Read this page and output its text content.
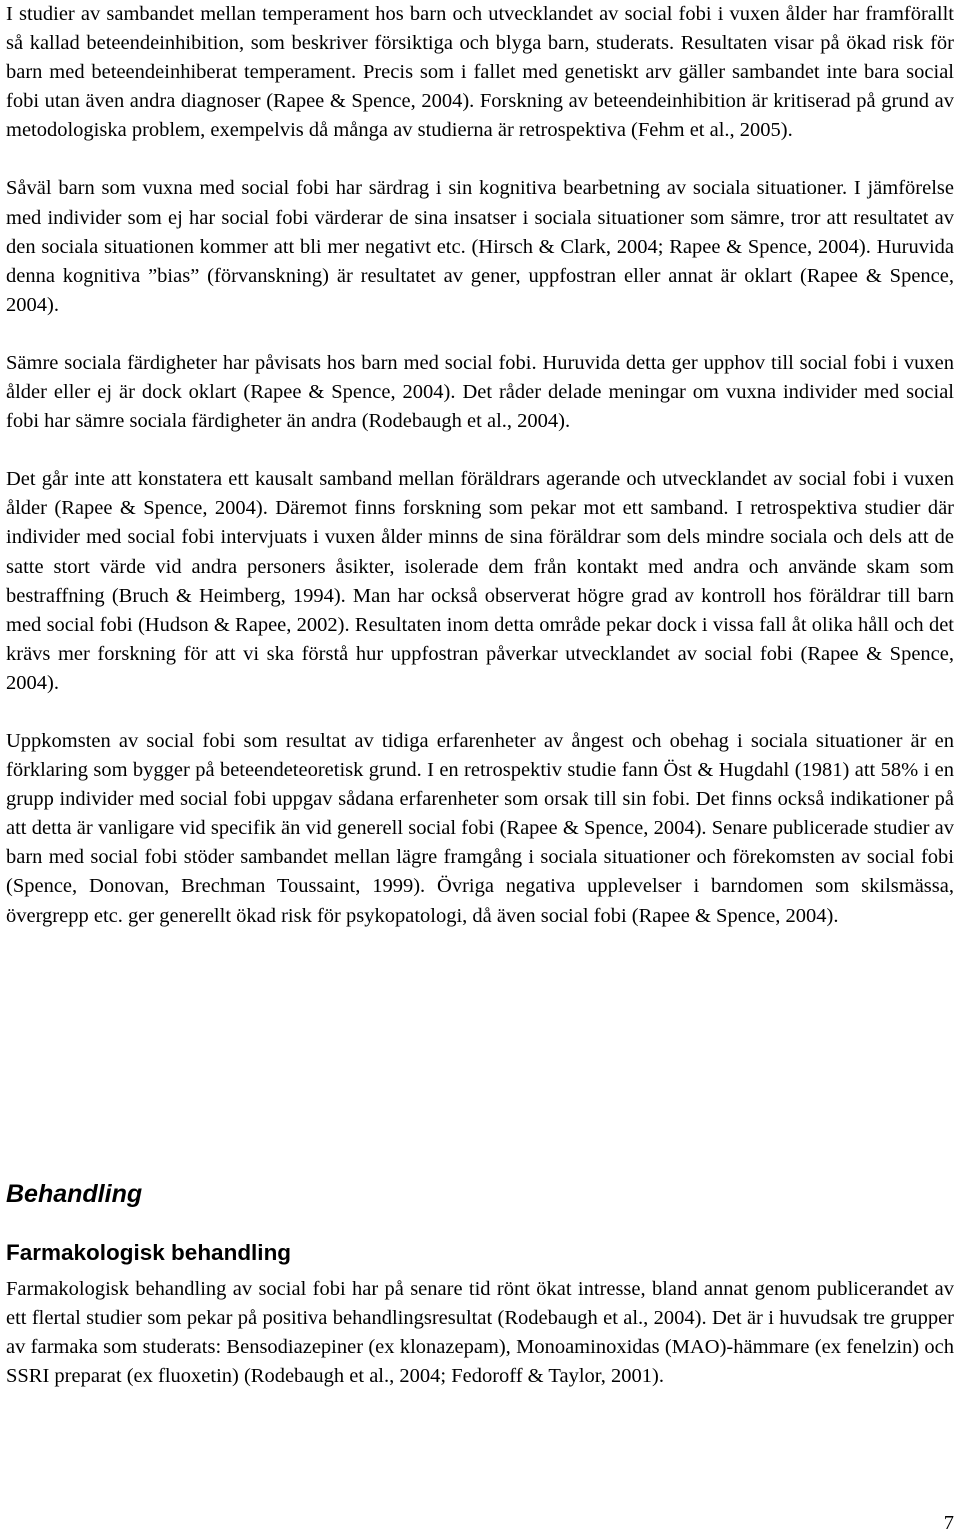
I studier av sambandet mellan temperament hos barn och utvecklandet av social fobi i vuxen ålder har framförallt så kallad beteendeinhibition, som beskriver försiktiga och blyga barn, studerats. Resultaten visar på ökad risk för barn med beteendeinhiberat temperament. Precis som i fallet med genetiskt arv gäller sambandet inte bara social fobi utan även andra diagnoser (Rapee & Spence, 2004). Forskning av beteendeinhibition är kritiserad på grund av metodologiska problem, exempelvis då många av studierna är retrospektiva (Fehm et al., 2005).

Såväl barn som vuxna med social fobi har särdrag i sin kognitiva bearbetning av sociala situationer. I jämförelse med individer som ej har social fobi värderar de sina insatser i sociala situationer som sämre, tror att resultatet av den sociala situationen kommer att bli mer negativt etc. (Hirsch & Clark, 2004; Rapee & Spence, 2004). Huruvida denna kognitiva ”bias” (förvanskning) är resultatet av gener, uppfostran eller annat är oklart (Rapee & Spence, 2004).

Sämre sociala färdigheter har påvisats hos barn med social fobi. Huruvida detta ger upphov till social fobi i vuxen ålder eller ej är dock oklart (Rapee & Spence, 2004). Det råder delade meningar om vuxna individer med social fobi har sämre sociala färdigheter än andra (Rodebaugh et al., 2004).

Det går inte att konstatera ett kausalt samband mellan föräldrars agerande och utvecklandet av social fobi i vuxen ålder (Rapee & Spence, 2004). Däremot finns forskning som pekar mot ett samband. I retrospektiva studier där individer med social fobi intervjuats i vuxen ålder minns de sina föräldrar som dels mindre sociala och dels att de satte stort värde vid andra personers åsikter, isolerade dem från kontakt med andra och använde skam som bestraffning (Bruch & Heimberg, 1994). Man har också observerat högre grad av kontroll hos föräldrar till barn med social fobi (Hudson & Rapee, 2002). Resultaten inom detta område pekar dock i vissa fall åt olika håll och det krävs mer forskning för att vi ska förstå hur uppfostran påverkar utvecklandet av social fobi (Rapee & Spence, 2004).

Uppkomsten av social fobi som resultat av tidiga erfarenheter av ångest och obehag i sociala situationer är en förklaring som bygger på beteendeteoretisk grund. I en retrospektiv studie fann Öst & Hugdahl (1981) att 58% i en grupp individer med social fobi uppgav sådana erfarenheter som orsak till sin fobi. Det finns också indikationer på att detta är vanligare vid specifik än vid generell social fobi (Rapee & Spence, 2004). Senare publicerade studier av barn med social fobi stöder sambandet mellan lägre framgång i sociala situationer och förekomsten av social fobi (Spence, Donovan, Brechman Toussaint, 1999). Övriga negativa upplevelser i barndomen som skilsmässa, övergrepp etc. ger generellt ökad risk för psykopatologi, då även social fobi (Rapee & Spence, 2004).

Behandling
Farmakologisk behandling

Farmakologisk behandling av social fobi har på senare tid rönt ökat intresse, bland annat genom publicerandet av ett flertal studier som pekar på positiva behandlingsresultat (Rodebaugh et al., 2004). Det är i huvudsak tre grupper av farmaka som studerats: Bensodiazepiner (ex klonazepam), Monoaminoxidas (MAO)-hämmare (ex fenelzin) och SSRI preparat (ex fluoxetin) (Rodebaugh et al., 2004; Fedoroff & Taylor, 2001).

7
